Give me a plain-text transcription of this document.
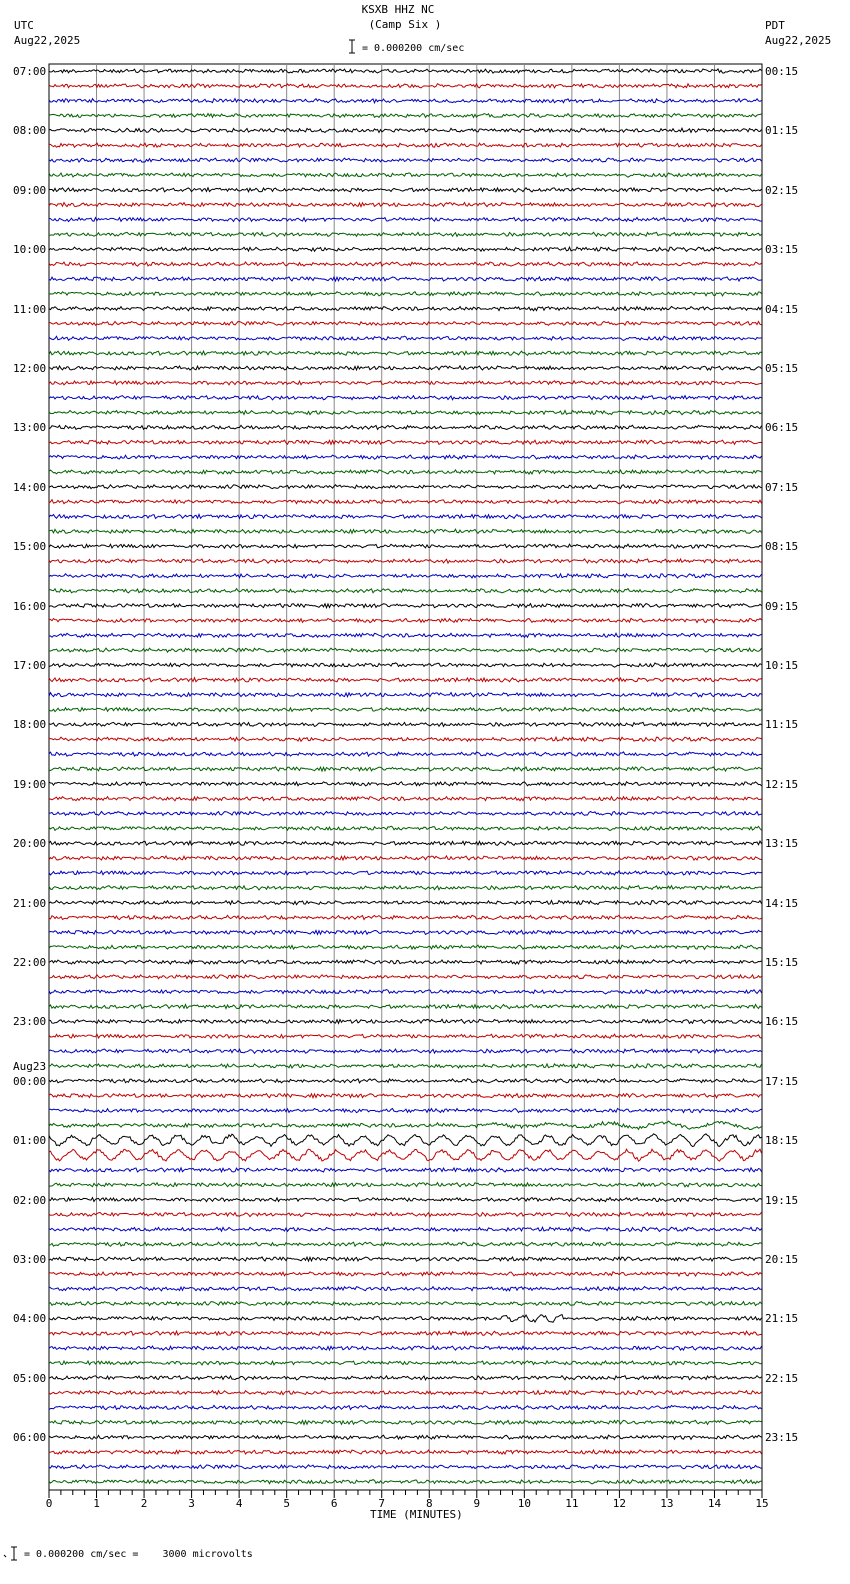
KSXB HHZ NC
(Camp Six )
UTC
Aug22,2025
PDT
Aug22,2025
= 0.000200 cm/sec
0	1	2	3	4	5	6	7	8	9	10	11	12	13	14	15
07:00	00:15
08:00	01:15
09:00	02:15
10:00	03:15
11:00	04:15
12:00	05:15
13:00	06:15
14:00	07:15
15:00	08:15
16:00	09:15
17:00	10:15
18:00	11:15
19:00	12:15
20:00	13:15
21:00	14:15
22:00	15:15
23:00	16:15
00:00	17:15
01:00	18:15
02:00	19:15
03:00	20:15
04:00	21:15
05:00	22:15
06:00	23:15
Aug23
TIME (MINUTES)
= 0.000200 cm/sec =    3000 microvolts
